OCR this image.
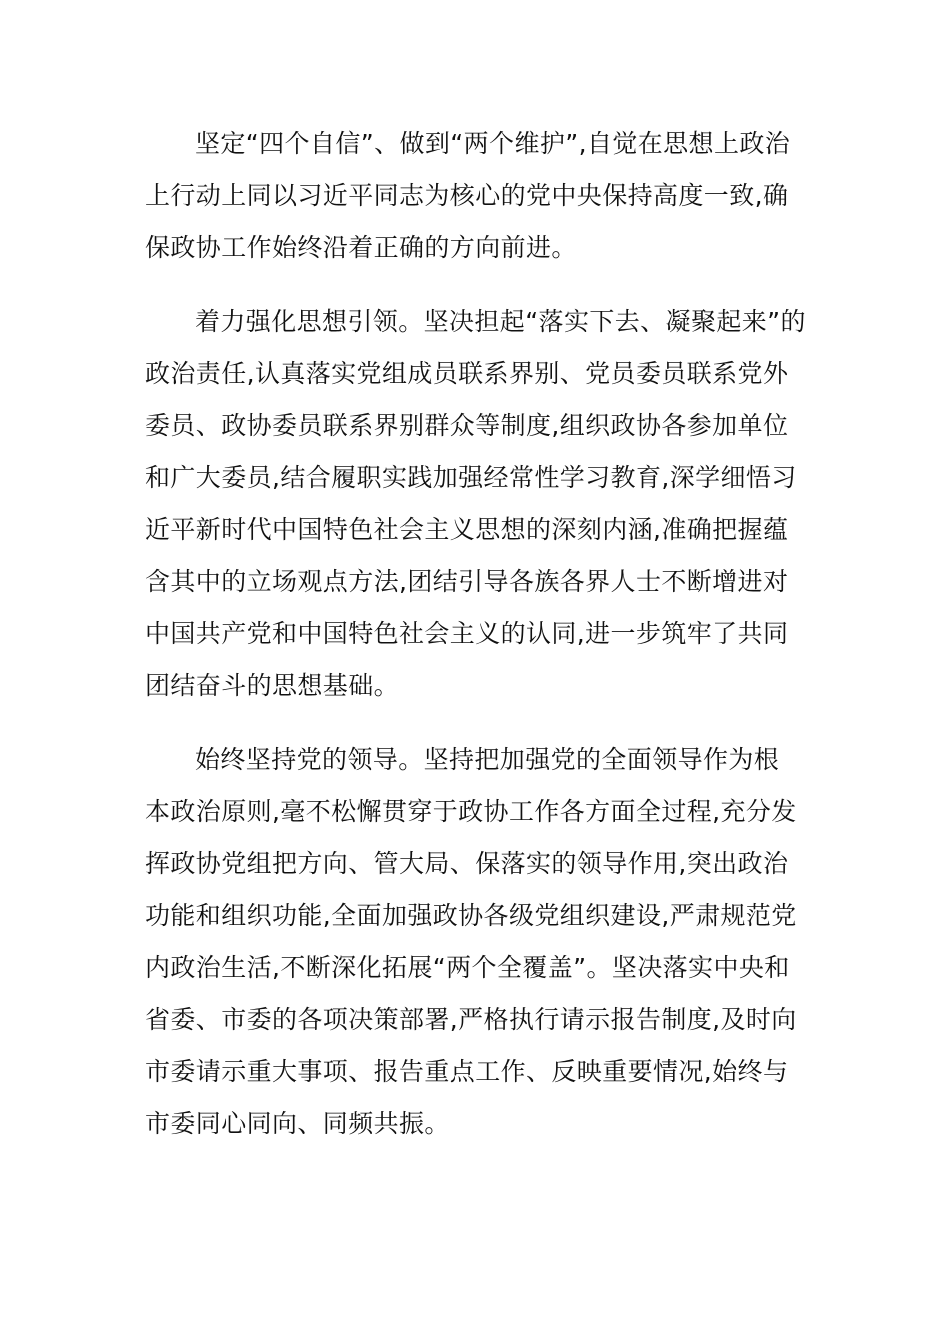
坚定“四个自信”、做到“两个维护”,自觉在思想上政治
上行动上同以习近平同志为核心的党中央保持高度一致,确
保政协工作始终沿着正确的方向前进。

着力强化思想引领。坚决担起“落实下去、凝聚起来”的
政治责任,认真落实党组成员联系界别、党员委员联系党外
委员、政协委员联系界别群众等制度,组织政协各参加单位
和广大委员,结合履职实践加强经常性学习教育,深学细悟习
近平新时代中国特色社会主义思想的深刻内涵,准确把握蕴
含其中的立场观点方法,团结引导各族各界人士不断增进对
中国共产党和中国特色社会主义的认同,进一步筑牢了共同
团结奋斗的思想基础。

始终坚持党的领导。坚持把加强党的全面领导作为根
本政治原则,毫不松懈贯穿于政协工作各方面全过程,充分发
挥政协党组把方向、管大局、保落实的领导作用,突出政治
功能和组织功能,全面加强政协各级党组织建设,严肃规范党
内政治生活,不断深化拓展“两个全覆盖”。坚决落实中央和
省委、市委的各项决策部署,严格执行请示报告制度,及时向
市委请示重大事项、报告重点工作、反映重要情况,始终与
市委同心同向、同频共振。
